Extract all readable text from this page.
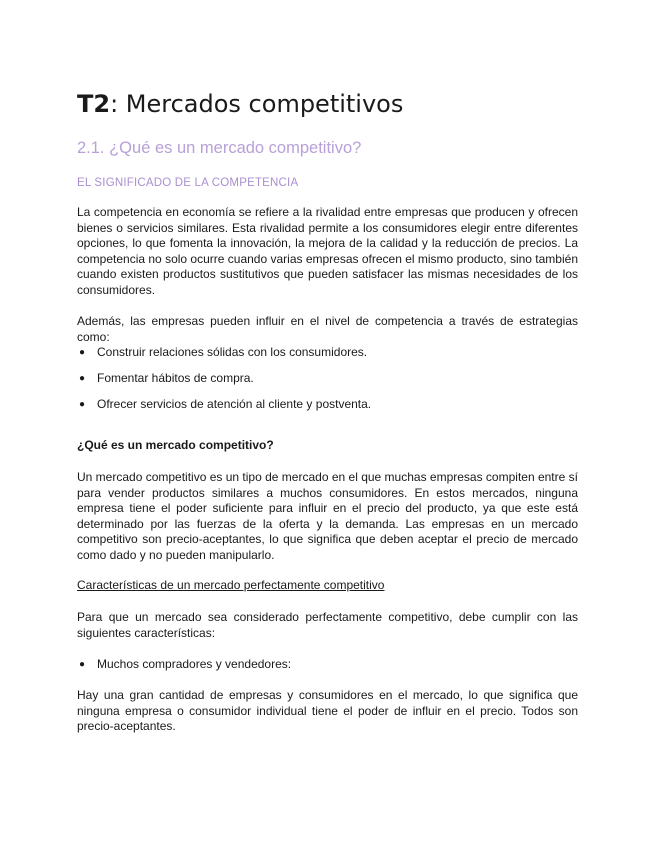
T2: Mercados competitivos
2.1. ¿Qué es un mercado competitivo?
EL SIGNIFICADO DE LA COMPETENCIA

La competencia en economía se refiere a la rivalidad entre empresas que producen y ofrecen bienes o servicios similares. Esta rivalidad permite a los consumidores elegir entre diferentes opciones, lo que fomenta la innovación, la mejora de la calidad y la reducción de precios. La competencia no solo ocurre cuando varias empresas ofrecen el mismo producto, sino también cuando existen productos sustitutivos que pueden satisfacer las mismas necesidades de los consumidores.

Además, las empresas pueden influir en el nivel de competencia a través de estrategias como:

● Construir relaciones sólidas con los consumidores.

● Fomentar hábitos de compra.

● Ofrecer servicios de atención al cliente y postventa.

¿Qué es un mercado competitivo?

Un mercado competitivo es un tipo de mercado en el que muchas empresas compiten entre sí para vender productos similares a muchos consumidores. En estos mercados, ninguna empresa tiene el poder suficiente para influir en el precio del producto, ya que este está determinado por las fuerzas de la oferta y la demanda. Las empresas en un mercado competitivo son precio-aceptantes, lo que significa que deben aceptar el precio de mercado como dado y no pueden manipularlo.

Características de un mercado perfectamente competitivo

Para que un mercado sea considerado perfectamente competitivo, debe cumplir con las siguientes características:

● Muchos compradores y vendedores:

Hay una gran cantidad de empresas y consumidores en el mercado, lo que significa que ninguna empresa o consumidor individual tiene el poder de influir en el precio. Todos son precio-aceptantes.
